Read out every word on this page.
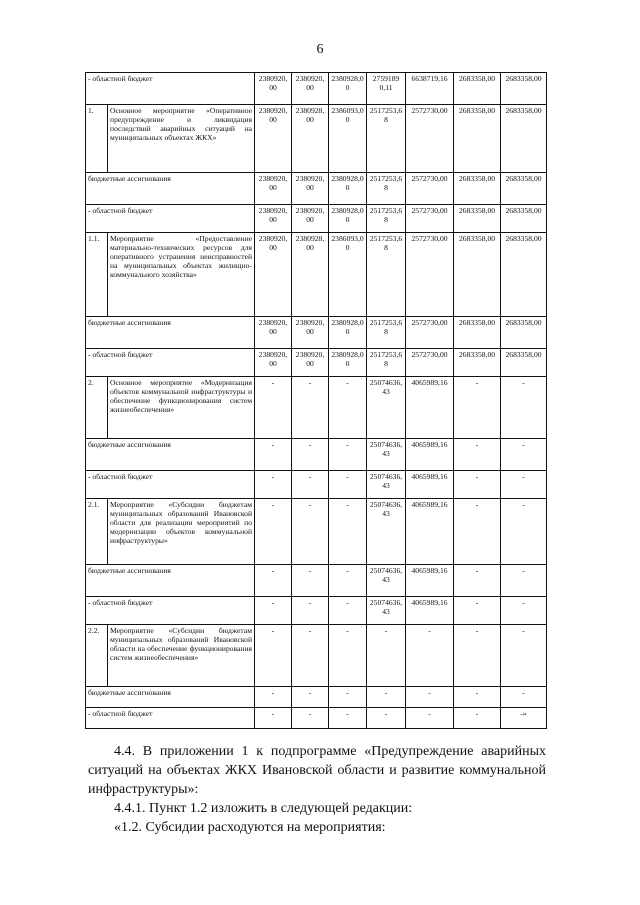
6
- областной бюджет		2380920,00	2380920,00	2380928,00	2759189 0,11	6638719,16	2683358,00	2683358,00
1.	Основное мероприятие «Оперативное предупреждение и ликвидация последствий аварийных ситуаций на муниципальных объектах ЖКХ»	2380920,00	2380928,00	2386093,00	2517253,68	2572730,00	2683358,00	2683358,00
бюджетные ассигнования		2380920,00	2380920,00	2380928,00	2517253,68	2572730,00	2683358,00	2683358,00
- областной бюджет		2380920,00	2380920,00	2380928,00	2517253,68	2572730,00	2683358,00	2683358,00
1.1.	Мероприятие «Предоставление материально-технических ресурсов для оперативного устранения неисправностей на муниципальных объектах жилищно-коммунального хозяйства»	2380920,00	2380928,00	2386093,00	2517253,68	2572730,00	2683358,00	2683358,00
бюджетные ассигнования		2380920,00	2380920,00	2380928,00	2517253,68	2572730,00	2683358,00	2683358,00
- областной бюджет		2380920,00	2380920,00	2380928,00	2517253,68	2572730,00	2683358,00	2683358,00
2.	Основное мероприятие «Модернизация объектов коммунальной инфраструктуры и обеспечение функционирования систем жизнеобеспечения»	-	-	-	25074636,43	4065989,16	-	-
бюджетные ассигнования		-	-	-	25074636,43	4065989,16	-	-
- областной бюджет		-	-	-	25074636,43	4065989,16	-	-
2.1.	Мероприятие «Субсидии бюджетам муниципальных образований Ивановской области для реализации мероприятий по модернизации объектов коммунальной инфраструктуры»	-	-	-	25074636,43	4065989,16	-	-
бюджетные ассигнования		-	-	-	25074636,43	4065989,16	-	-
- областной бюджет		-	-	-	25074636,43	4065989,16	-	-
2.2.	Мероприятие «Субсидии бюджетам муниципальных образований Ивановской области на обеспечение функционирования систем жизнеобеспечения»	-	-	-	-	-	-	-
бюджетные ассигнования		-	-	-	-	-	-	-
- областной бюджет		-	-	-	-	-	-	-»

4.4. В приложении 1 к подпрограмме «Предупреждение аварийных ситуаций на объектах ЖКХ Ивановской области и развитие коммунальной инфраструктуры»:

4.4.1. Пункт 1.2 изложить в следующей редакции:

«1.2. Субсидии расходуются на мероприятия:
